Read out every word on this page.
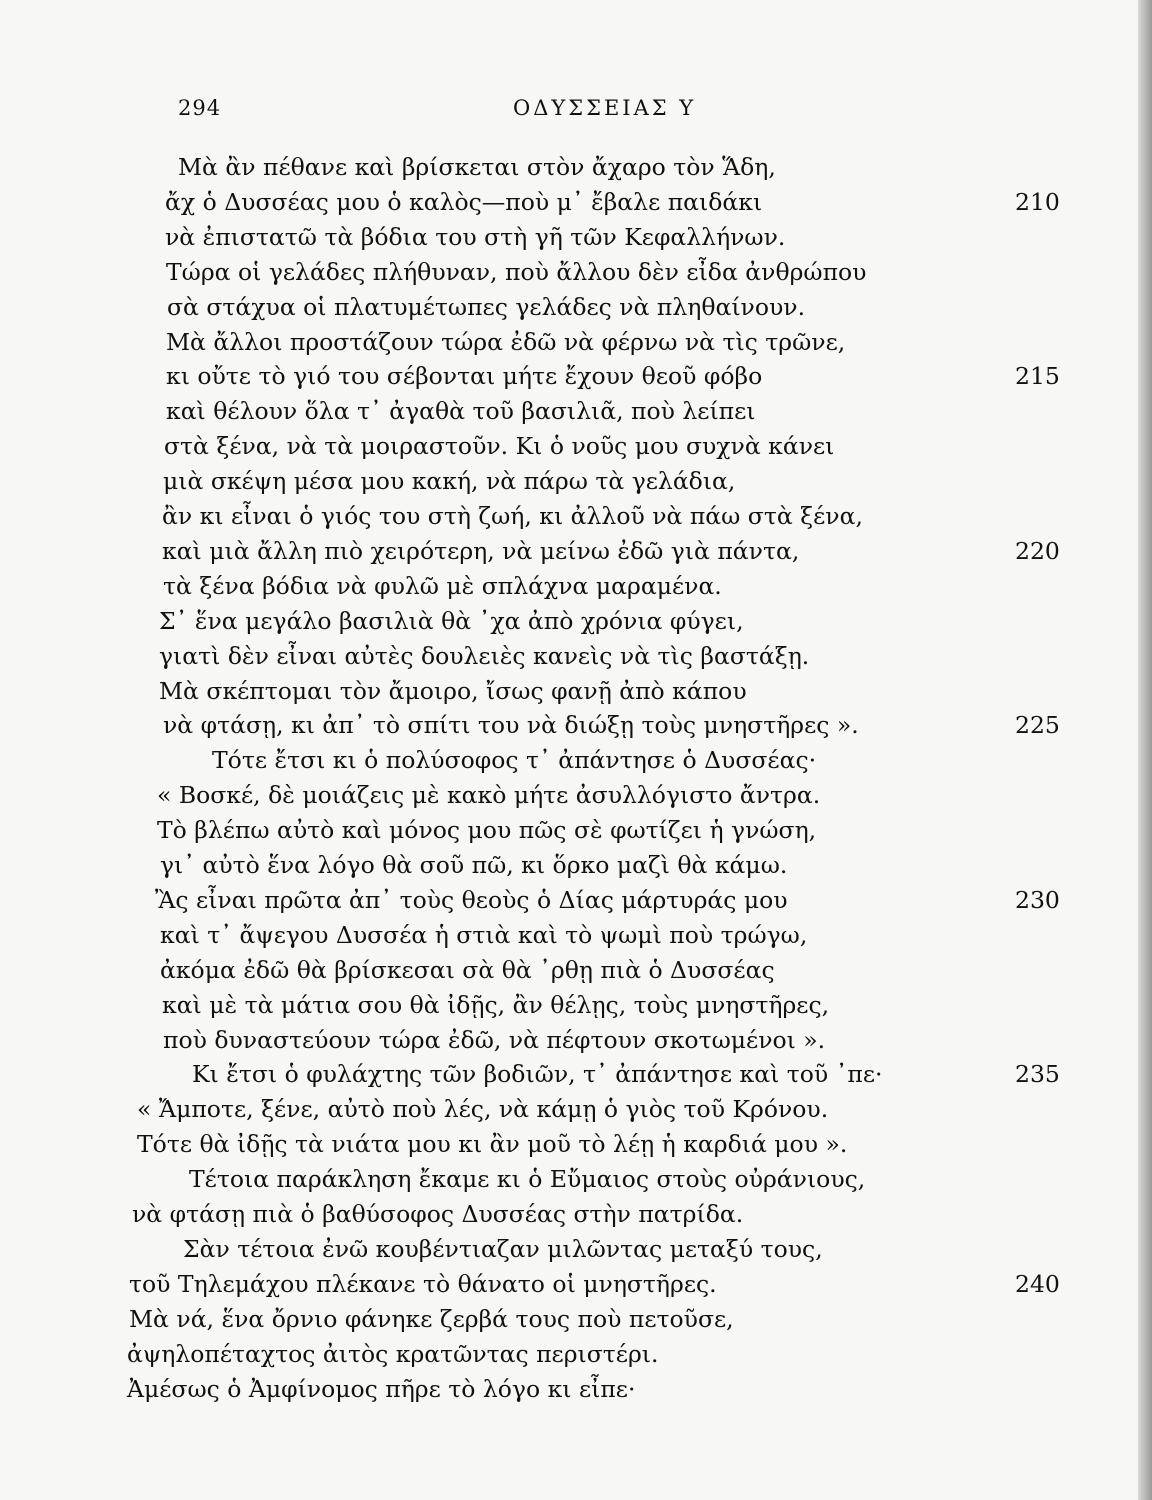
294	ΟΔΥΣΣΕΙΑΣ Υ
Μὰ ἂν πέθανε καὶ βρίσκεται στὸν ἄχαρο τὸν Ἅδη,
ἄχ ὁ Δυσσέας μου ὁ καλὸς—ποὺ μ᾽ ἔβαλε παιδάκι	210
νὰ ἐπιστατῶ τὰ βόδια του στὴ γῆ τῶν Κεφαλλήνων.
Τώρα οἱ γελάδες πλήθυναν, ποὺ ἄλλου δὲν εἶδα ἀνθρώπου
σὰ στάχυα οἱ πλατυμέτωπες γελάδες νὰ πληθαίνουν.
Μὰ ἄλλοι προστάζουν τώρα ἐδῶ νὰ φέρνω νὰ τὶς τρῶνε,
κι οὔτε τὸ γιό του σέβονται μήτε ἔχουν θεοῦ φόβο	215
καὶ θέλουν ὅλα τ᾽ ἀγαθὰ τοῦ βασιλιᾶ, ποὺ λείπει
στὰ ξένα, νὰ τὰ μοιραστοῦν. Κι ὁ νοῦς μου συχνὰ κάνει
μιὰ σκέψη μέσα μου κακή, νὰ πάρω τὰ γελάδια,
ἂν κι εἶναι ὁ γιός του στὴ ζωή, κι ἀλλοῦ νὰ πάω στὰ ξένα,
καὶ μιὰ ἄλλη πιὸ χειρότερη, νὰ μείνω ἐδῶ γιὰ πάντα,	220
τὰ ξένα βόδια νὰ φυλῶ μὲ σπλάχνα μαραμένα.
Σ᾽ ἕνα μεγάλο βασιλιὰ θὰ ᾽χα ἀπὸ χρόνια φύγει,
γιατὶ δὲν εἶναι αὐτὲς δουλειὲς κανεὶς νὰ τὶς βαστάξῃ.
Μὰ σκέπτομαι τὸν ἄμοιρο, ἴσως φανῇ ἀπὸ κάπου
νὰ φτάσῃ, κι ἀπ᾽ τὸ σπίτι του νὰ διώξῃ τοὺς μνηστῆρες ».	225
Τότε ἔτσι κι ὁ πολύσοφος τ᾽ ἀπάντησε ὁ Δυσσέας·
« Βοσκέ, δὲ μοιάζεις μὲ κακὸ μήτε ἀσυλλόγιστο ἄντρα.
Τὸ βλέπω αὐτὸ καὶ μόνος μου πῶς σὲ φωτίζει ἡ γνώση,
γι᾽ αὐτὸ ἕνα λόγο θὰ σοῦ πῶ, κι ὅρκο μαζὶ θὰ κάμω.
Ἂς εἶναι πρῶτα ἀπ᾽ τοὺς θεοὺς ὁ Δίας μάρτυράς μου	230
καὶ τ᾽ ἄψεγου Δυσσέα ἡ στιὰ καὶ τὸ ψωμὶ ποὺ τρώγω,
ἀκόμα ἐδῶ θὰ βρίσκεσαι σὰ θὰ ᾽ρθῃ πιὰ ὁ Δυσσέας
καὶ μὲ τὰ μάτια σου θὰ ἰδῇς, ἂν θέλῃς, τοὺς μνηστῆρες,
ποὺ δυναστεύουν τώρα ἐδῶ, νὰ πέφτουν σκοτωμένοι ».
Κι ἔτσι ὁ φυλάχτης τῶν βοδιῶν, τ᾽ ἀπάντησε καὶ τοῦ ᾽πε·	235
« Ἄμποτε, ξένε, αὐτὸ ποὺ λές, νὰ κάμῃ ὁ γιὸς τοῦ Κρόνου.
Τότε θὰ ἰδῇς τὰ νιάτα μου κι ἂν μοῦ τὸ λέῃ ἡ καρδιά μου ».
Τέτοια παράκληση ἔκαμε κι ὁ Εὔμαιος στοὺς οὐράνιους,
νὰ φτάσῃ πιὰ ὁ βαθύσοφος Δυσσέας στὴν πατρίδα.
Σὰν τέτοια ἐνῶ κουβέντιαζαν μιλῶντας μεταξύ τους,
τοῦ Τηλεμάχου πλέκανε τὸ θάνατο οἱ μνηστῆρες.	240
Μὰ νά, ἕνα ὄρνιο φάνηκε ζερβά τους ποὺ πετοῦσε,
ἀψηλοπέταχτος ἀιτὸς κρατῶντας περιστέρι.
Ἀμέσως ὁ Ἀμφίνομος πῆρε τὸ λόγο κι εἶπε·
